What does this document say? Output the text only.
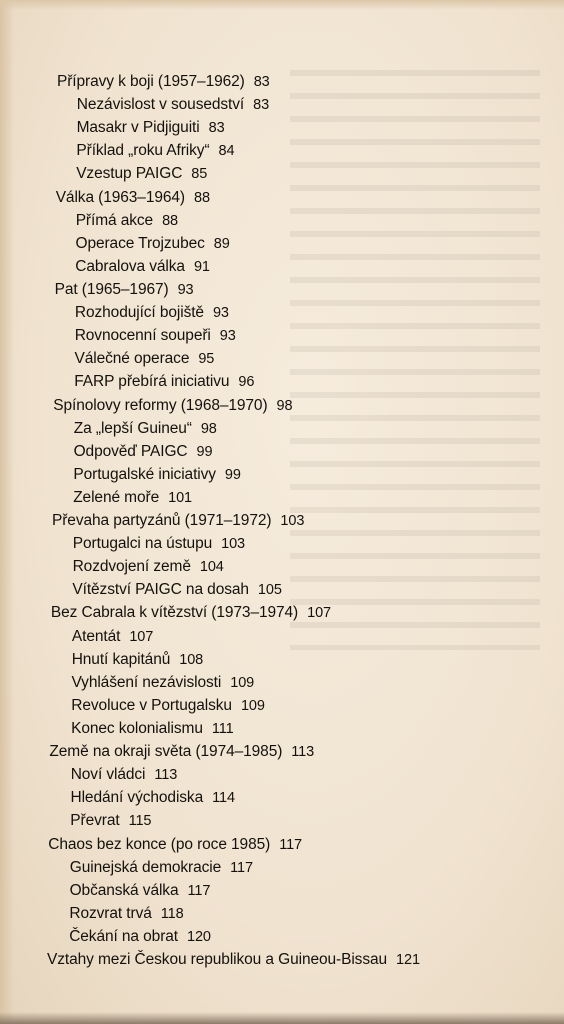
Přípravy k boji (1957–1962) 83
Nezávislost v sousedství 83
Masakr v Pidjiguiti 83
Příklad „roku Afriky“ 84
Vzestup PAIGC 85
Válka (1963–1964) 88
Přímá akce 88
Operace Trojzubec 89
Cabralova válka 91
Pat (1965–1967) 93
Rozhodující bojiště 93
Rovnocenní soupeři 93
Válečné operace 95
FARP přebírá iniciativu 96
Spínolovy reformy (1968–1970) 98
Za „lepší Guineu“ 98
Odpověď PAIGC 99
Portugalské iniciativy 99
Zelené moře 101
Převaha partyzánů (1971–1972) 103
Portugalci na ústupu 103
Rozdvojení země 104
Vítězství PAIGC na dosah 105
Bez Cabrala k vítězství (1973–1974) 107
Atentát 107
Hnutí kapitánů 108
Vyhlášení nezávislosti 109
Revoluce v Portugalsku 109
Konec kolonialismu 111
Země na okraji světa (1974–1985) 113
Noví vládci 113
Hledání východiska 114
Převrat 115
Chaos bez konce (po roce 1985) 117
Guinejská demokracie 117
Občanská válka 117
Rozvrat trvá 118
Čekání na obrat 120
Vztahy mezi Českou republikou a Guineou-Bissau 121
